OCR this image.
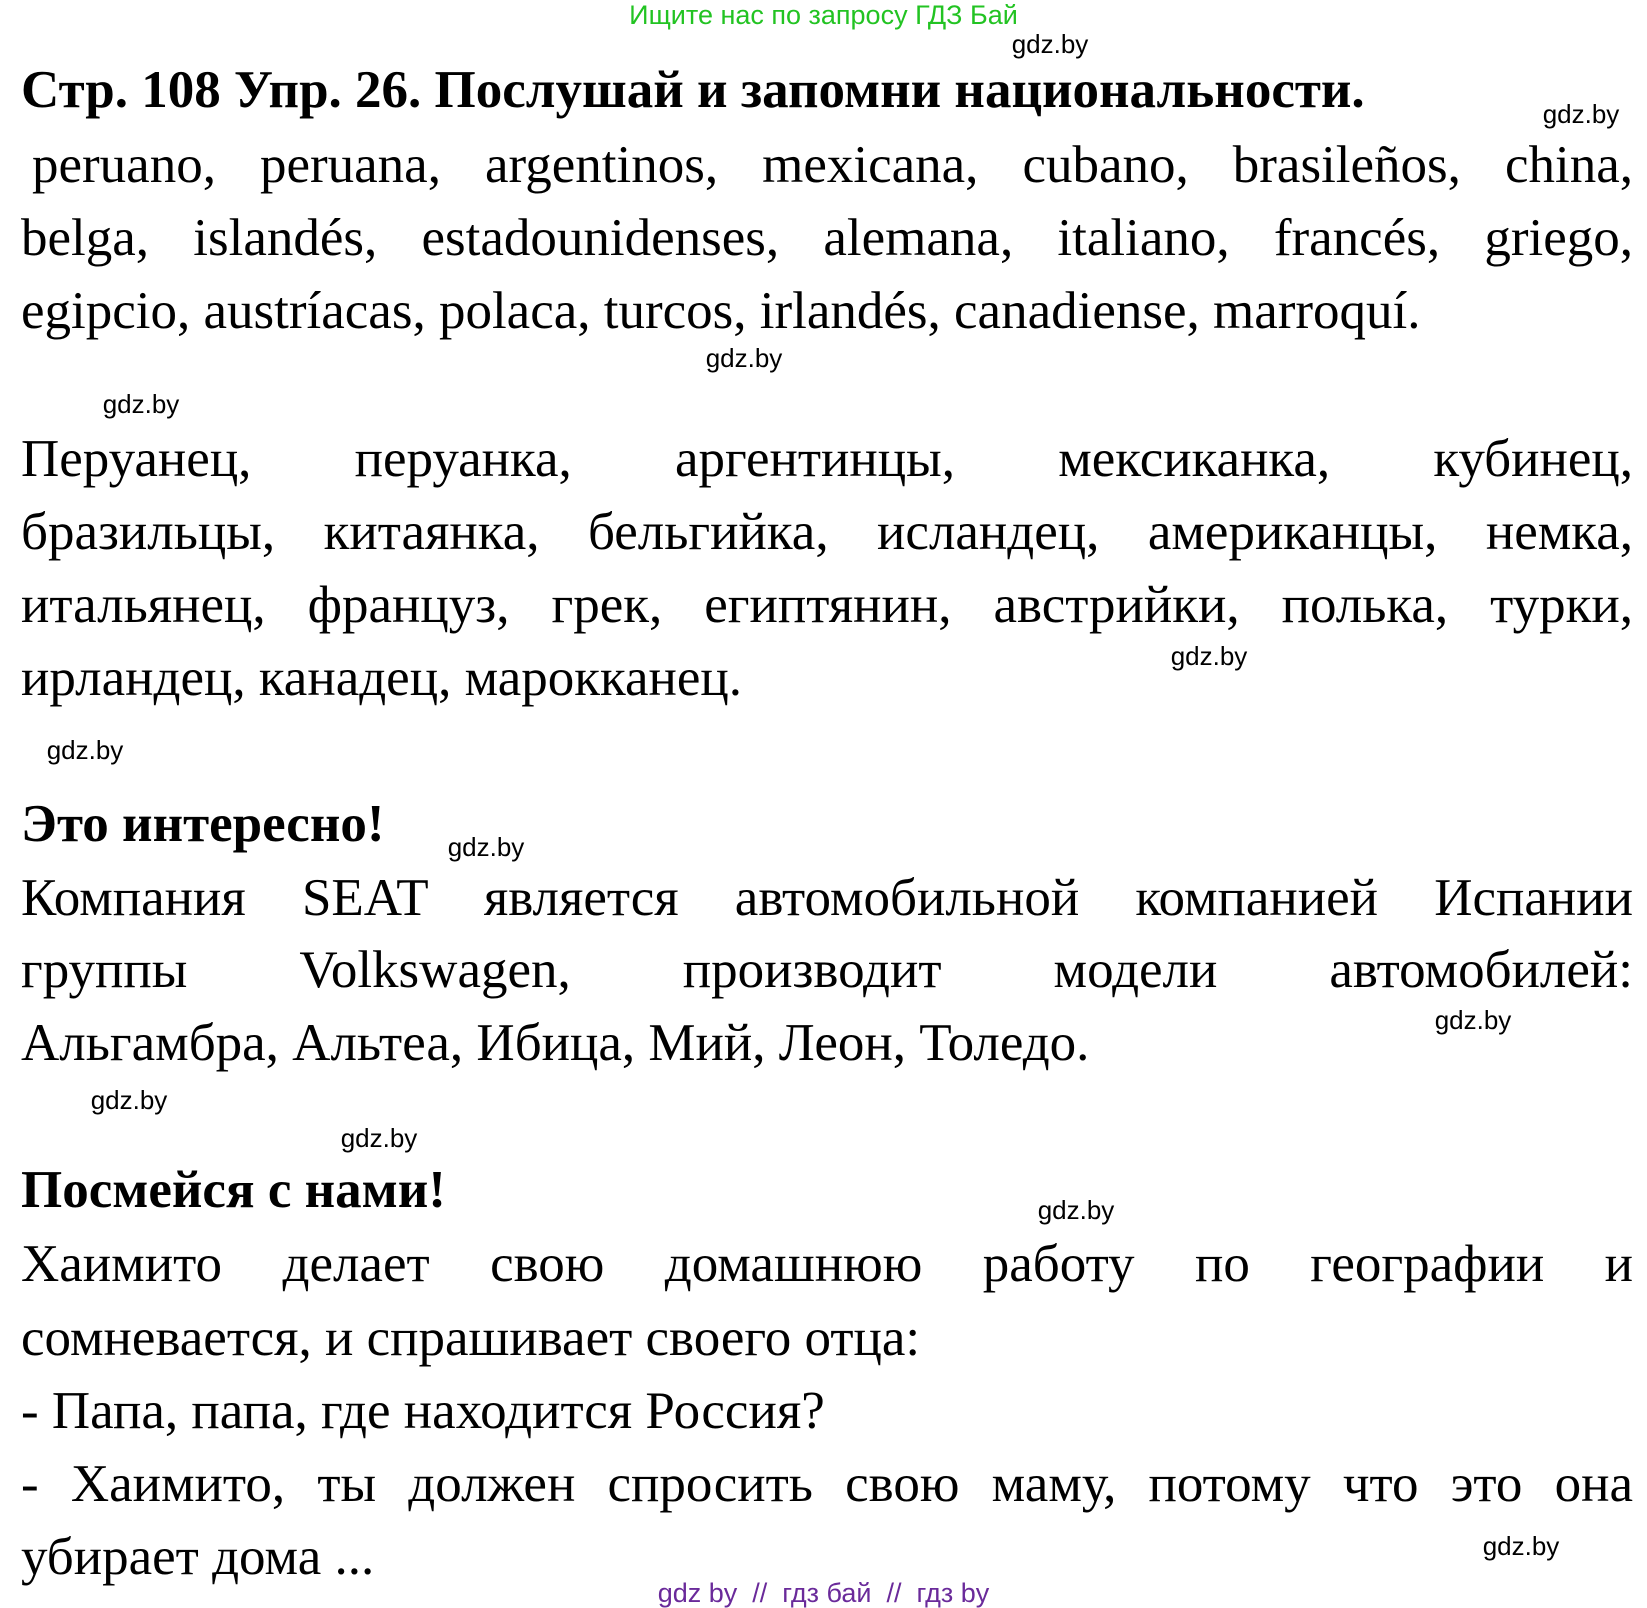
Ищите нас по запросу ГДЗ Бай
Стр. 108 Упр. 26. Послушай и запомни национальности.
peruano, peruana, argentinos, mexicana, cubano, brasileños, china,
belga, islandés, estadounidenses, alemana, italiano, francés, griego,
egipcio, austríacas, polaca, turcos, irlandés, canadiense, marroquí.
Перуанец, перуанка, аргентинцы, мексиканка, кубинец,
бразильцы, китаянка, бельгийка, исландец, американцы, немка,
итальянец, француз, грек, египтянин, австрийки, полька, турки,
ирландец, канадец, марокканец.
Это интересно!
Компания SEAT является автомобильной компанией Испании
группы Volkswagen, производит модели автомобилей:
Альгамбра, Альтеа, Ибица, Мий, Леон, Толедо.
Посмейся с нами!
Хаимито делает свою домашнюю работу по географии и
сомневается, и спрашивает своего отца:
- Папа, папа, где находится Россия?
- Хаимито, ты должен спросить свою маму, потому что это она
убирает дома ...
gdz.by
gdz.by
gdz.by
gdz.by
gdz.by
gdz.by
gdz.by
gdz.by
gdz.by
gdz.by
gdz.by
gdz.by
gdz by  //  гдз бай  //  гдз by
